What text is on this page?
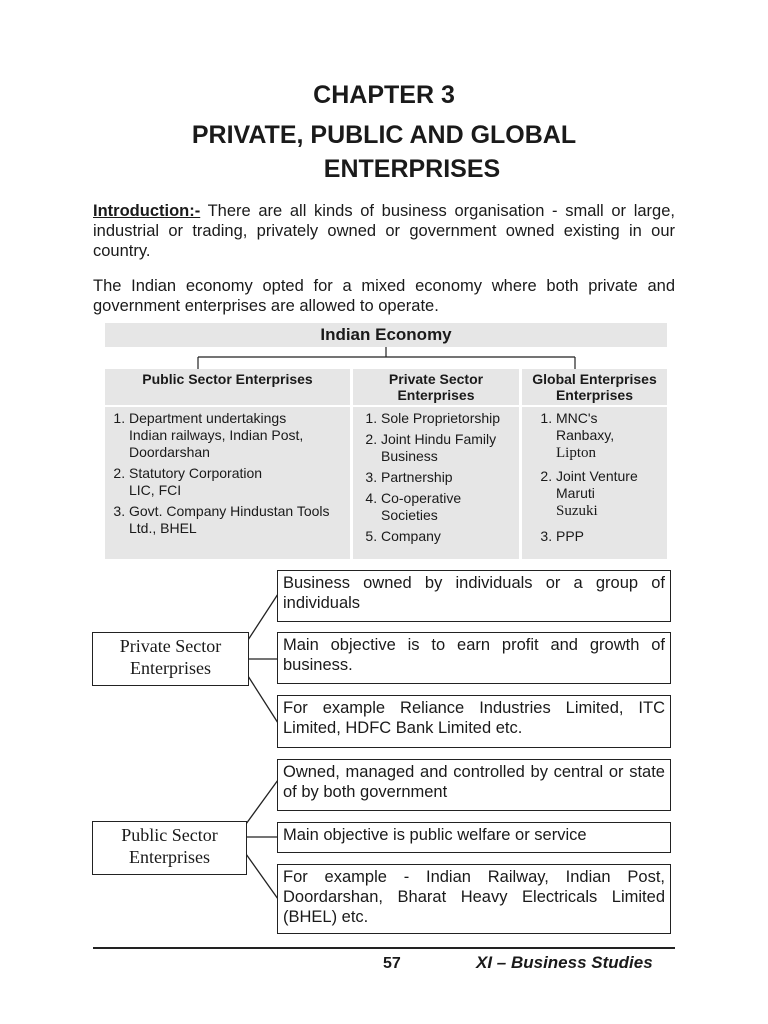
CHAPTER 3
PRIVATE, PUBLIC AND GLOBAL
ENTERPRISES
Introduction:- There are all kinds of business organisation - small or large, industrial or trading, privately owned or government owned existing in our country.
The Indian economy opted for a mixed economy where both private and government enterprises are allowed to operate.
Indian Economy
Public Sector Enterprises	Private Sector Enterprises
Global Enterprises Enterprises
1. Department undertakings
Indian railways, Indian Post, Doordarshan
2. Statutory Corporation
LIC, FCI
3. Govt. Company Hindustan Tools Ltd., BHEL
1. Sole Proprietorship
2. Joint Hindu Family Business
3. Partnership
4. Co-operative Societies
5. Company
1. MNC's
Ranbaxy,
Lipton
2. Joint Venture
Maruti
Suzuki
3. PPP
Private Sector Enterprises
Business owned by individuals or a group of individuals
Main objective is to earn profit and growth of business.
For example Reliance Industries Limited, ITC Limited, HDFC Bank Limited etc.
Public Sector Enterprises
Owned, managed and controlled by central or state of by both government
Main objective is public welfare or service
For example - Indian Railway, Indian Post, Doordarshan, Bharat Heavy Electricals Limited (BHEL) etc.
57	XI – Business Studies
